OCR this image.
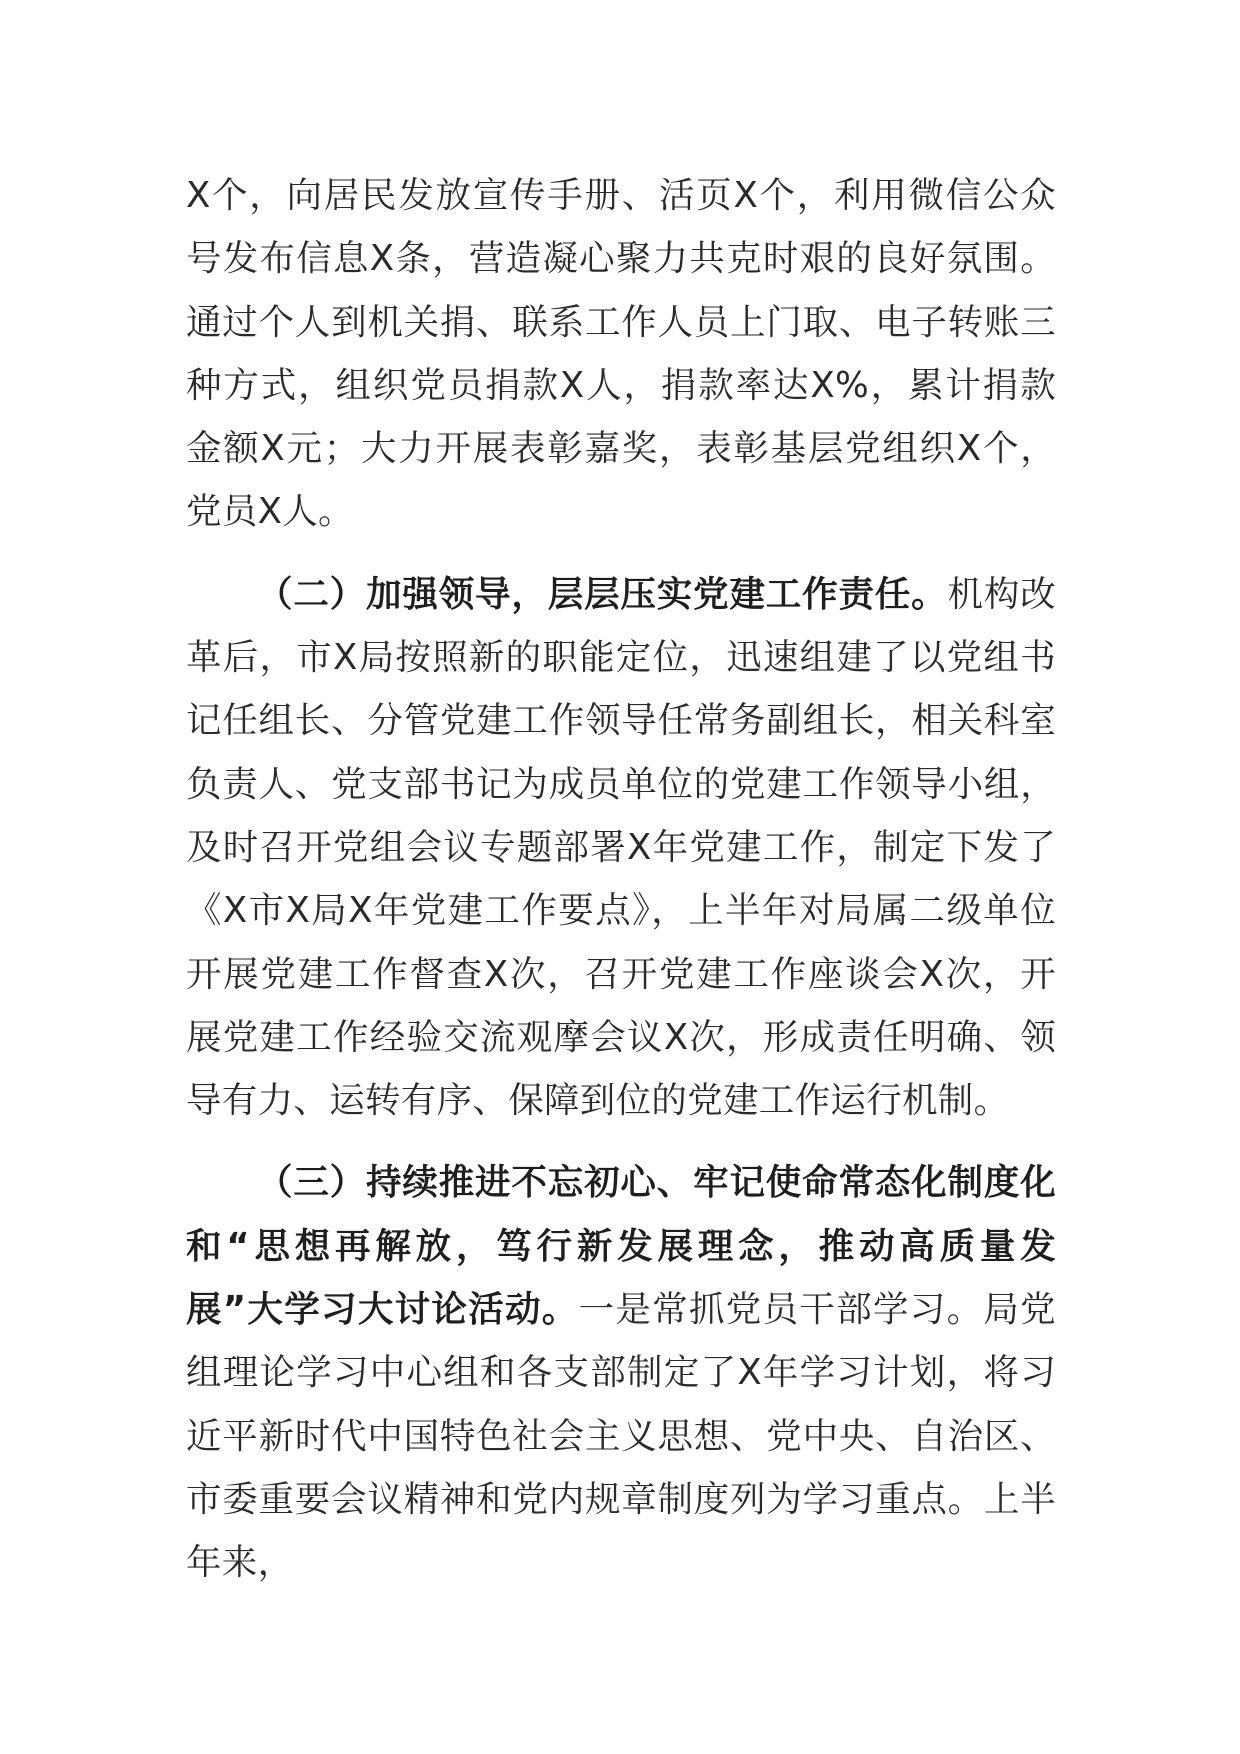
X个，向居民发放宣传手册、活页X个，利用微信公众号发布信息X条，营造凝心聚力共克时艰的良好氛围。通过个人到机关捐、联系工作人员上门取、电子转账三种方式，组织党员捐款X人，捐款率达X%，累计捐款金额X元；大力开展表彰嘉奖，表彰基层党组织X个，党员X人。

（二）加强领导，层层压实党建工作责任。机构改革后，市X局按照新的职能定位，迅速组建了以党组书记任组长、分管党建工作领导任常务副组长，相关科室负责人、党支部书记为成员单位的党建工作领导小组，及时召开党组会议专题部署X年党建工作，制定下发了《X市X局X年党建工作要点》，上半年对局属二级单位开展党建工作督查X次，召开党建工作座谈会X次，开展党建工作经验交流观摩会议X次，形成责任明确、领导有力、运转有序、保障到位的党建工作运行机制。

（三）持续推进不忘初心、牢记使命常态化制度化和“思想再解放，笃行新发展理念，推动高质量发展”大学习大讨论活动。一是常抓党员干部学习。局党组理论学习中心组和各支部制定了X年学习计划，将习近平新时代中国特色社会主义思想、党中央、自治区、市委重要会议精神和党内规章制度列为学习重点。上半年来，
